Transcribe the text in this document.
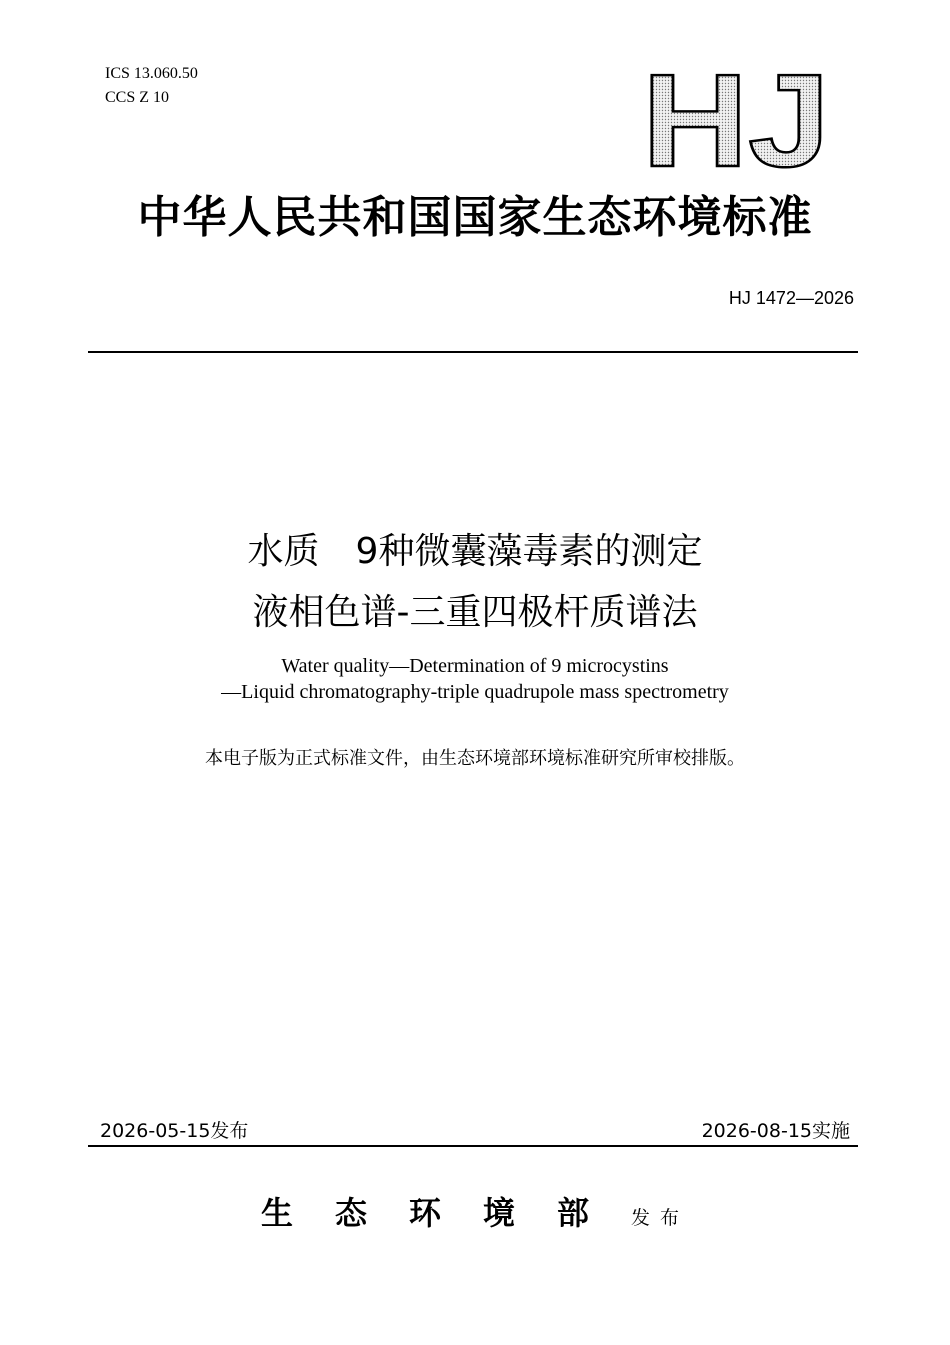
ICS 13.060.50
CCS Z 10	HJ
中华人民共和国国家生态环境标准
HJ 1472—2026
水质　9种微囊藻毒素的测定
液相色谱-三重四极杆质谱法
Water quality—Determination of 9 microcystins
—Liquid chromatography-triple quadrupole mass spectrometry
本电子版为正式标准文件，由生态环境部环境标准研究所审校排版。
2026-05-15发布	2026-08-15实施
生态环境部发布
